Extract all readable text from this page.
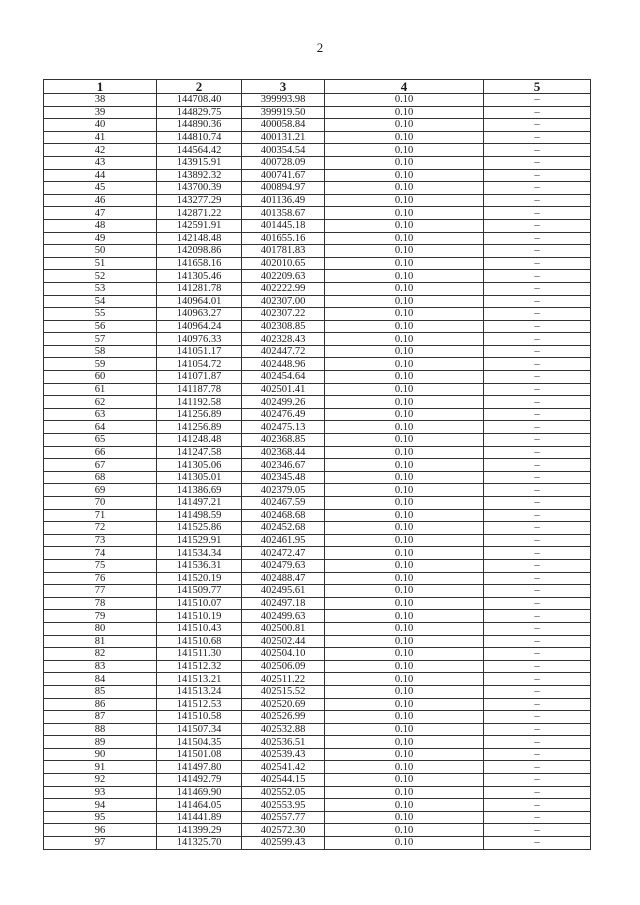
2
1	2	3	4	5
38	144708.40	399993.98	0.10	–
39	144829.75	399919.50	0.10	–
40	144890.36	400058.84	0.10	–
41	144810.74	400131.21	0.10	–
42	144564.42	400354.54	0.10	–
43	143915.91	400728.09	0.10	–
44	143892.32	400741.67	0.10	–
45	143700.39	400894.97	0.10	–
46	143277.29	401136.49	0.10	–
47	142871.22	401358.67	0.10	–
48	142591.91	401445.18	0.10	–
49	142148.48	401655.16	0.10	–
50	142098.86	401781.83	0.10	–
51	141658.16	402010.65	0.10	–
52	141305.46	402209.63	0.10	–
53	141281.78	402222.99	0.10	–
54	140964.01	402307.00	0.10	–
55	140963.27	402307.22	0.10	–
56	140964.24	402308.85	0.10	–
57	140976.33	402328.43	0.10	–
58	141051.17	402447.72	0.10	–
59	141054.72	402448.96	0.10	–
60	141071.87	402454.64	0.10	–
61	141187.78	402501.41	0.10	–
62	141192.58	402499.26	0.10	–
63	141256.89	402476.49	0.10	–
64	141256.89	402475.13	0.10	–
65	141248.48	402368.85	0.10	–
66	141247.58	402368.44	0.10	–
67	141305.06	402346.67	0.10	–
68	141305.01	402345.48	0.10	–
69	141386.69	402379.05	0.10	–
70	141497.21	402467.59	0.10	–
71	141498.59	402468.68	0.10	–
72	141525.86	402452.68	0.10	–
73	141529.91	402461.95	0.10	–
74	141534.34	402472.47	0.10	–
75	141536.31	402479.63	0.10	–
76	141520.19	402488.47	0.10	–
77	141509.77	402495.61	0.10	–
78	141510.07	402497.18	0.10	–
79	141510.19	402499.63	0.10	–
80	141510.43	402500.81	0.10	–
81	141510.68	402502.44	0.10	–
82	141511.30	402504.10	0.10	–
83	141512.32	402506.09	0.10	–
84	141513.21	402511.22	0.10	–
85	141513.24	402515.52	0.10	–
86	141512.53	402520.69	0.10	–
87	141510.58	402526.99	0.10	–
88	141507.34	402532.88	0.10	–
89	141504.35	402536.51	0.10	–
90	141501.08	402539.43	0.10	–
91	141497.80	402541.42	0.10	–
92	141492.79	402544.15	0.10	–
93	141469.90	402552.05	0.10	–
94	141464.05	402553.95	0.10	–
95	141441.89	402557.77	0.10	–
96	141399.29	402572.30	0.10	–
97	141325.70	402599.43	0.10	–
